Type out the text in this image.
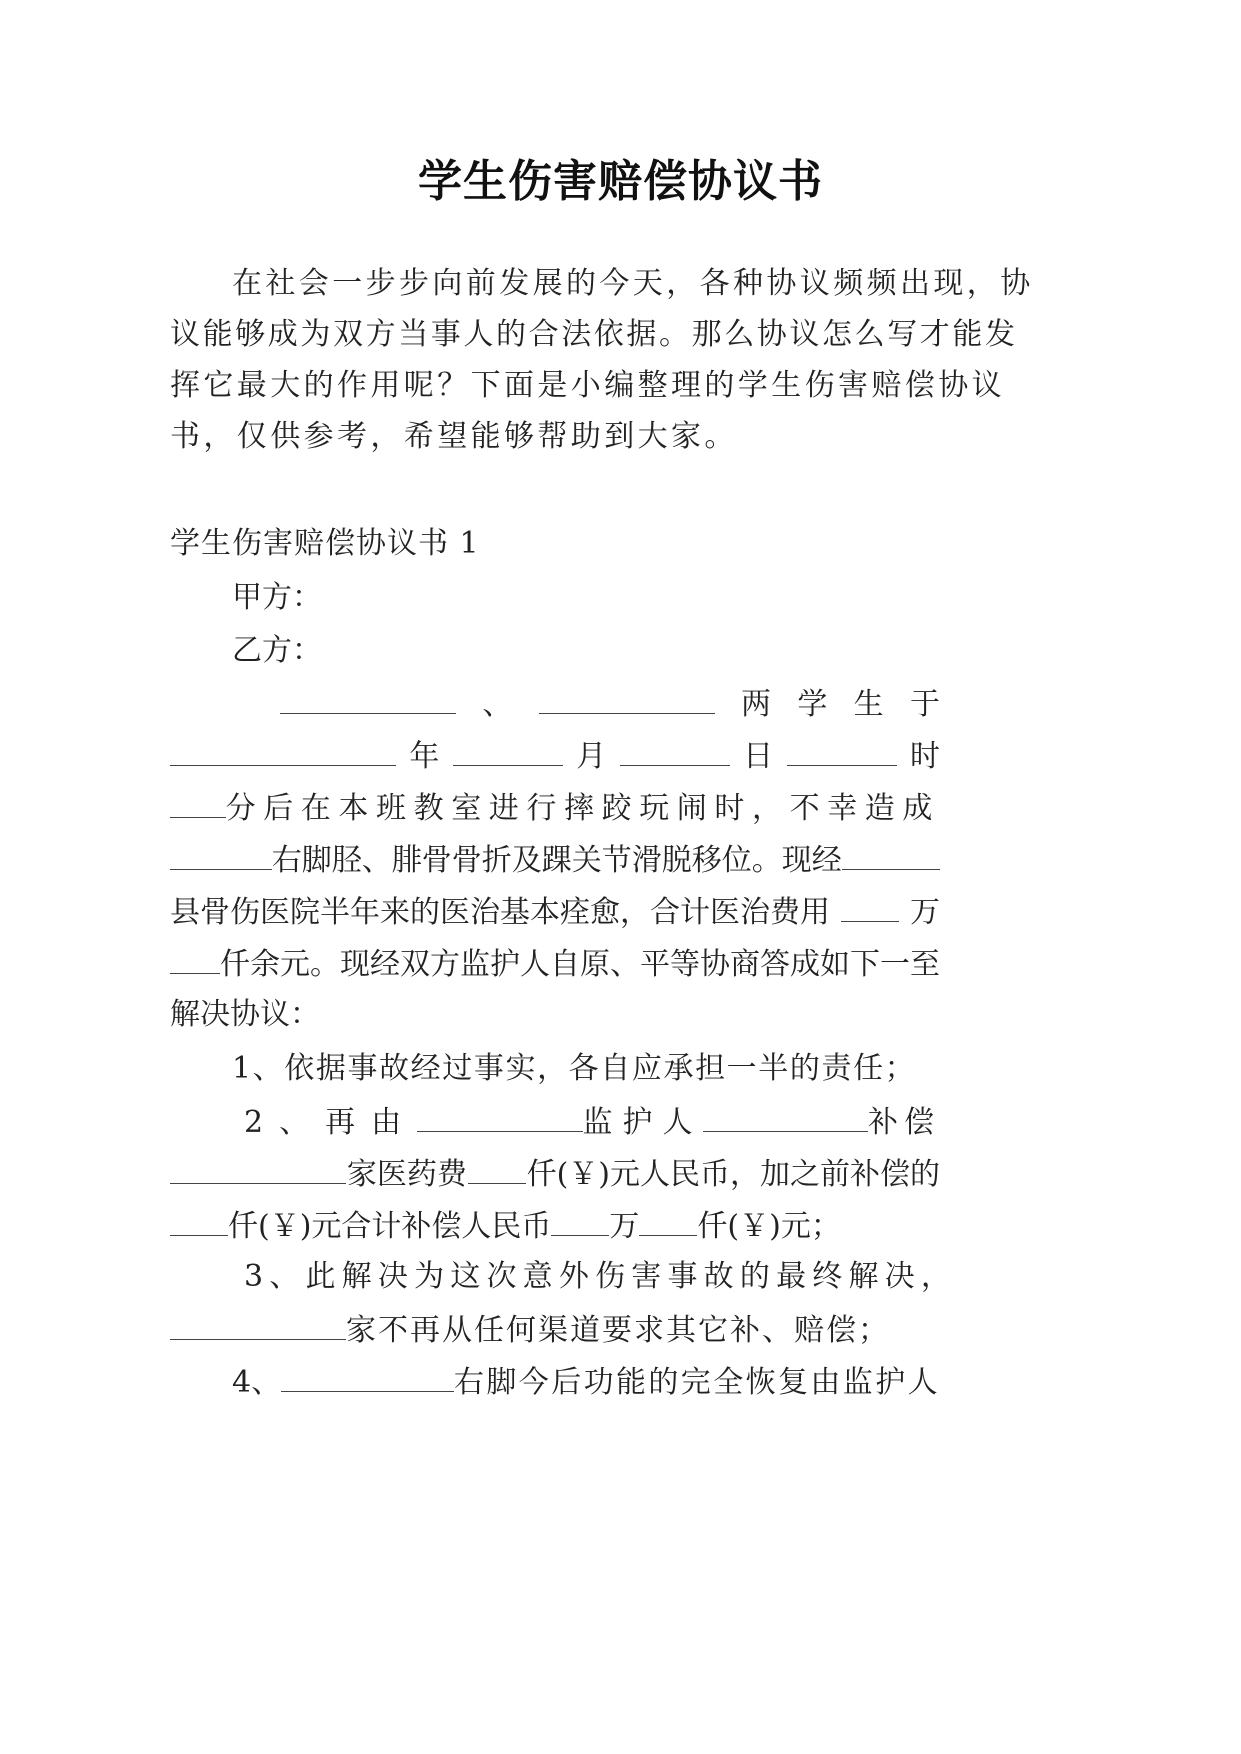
学生伤害赔偿协议书
在社会一步步向前发展的今天，各种协议频频出现，协
议能够成为双方当事人的合法依据。那么协议怎么写才能发
挥它最大的作用呢？下面是小编整理的学生伤害赔偿协议
书，仅供参考，希望能够帮助到大家。
学生伤害赔偿协议书 1
甲方：
乙方：
、	两 学 生 于
年	月	日	时
分后在本班教室进行摔跤玩闹时，不幸造成
右脚胫、腓骨骨折及踝关节滑脱移位。现经
县骨伤医院半年来的医治基本痊愈，合计医治费用	万
仟余元。现经双方监护人自原、平等协商答成如下一至
解决协议：
1、依据事故经过事实，各自应承担一半的责任；
2、再由	监护人	补偿
家医药费 仟(￥)元人民币，加之前补偿的
仟(￥)元合计补偿人民币 万 仟(￥)元；
3、此解决为这次意外伤害事故的最终解决，
家不再从任何渠道要求其它补、赔偿；
4、	右脚今后功能的完全恢复由监护人
